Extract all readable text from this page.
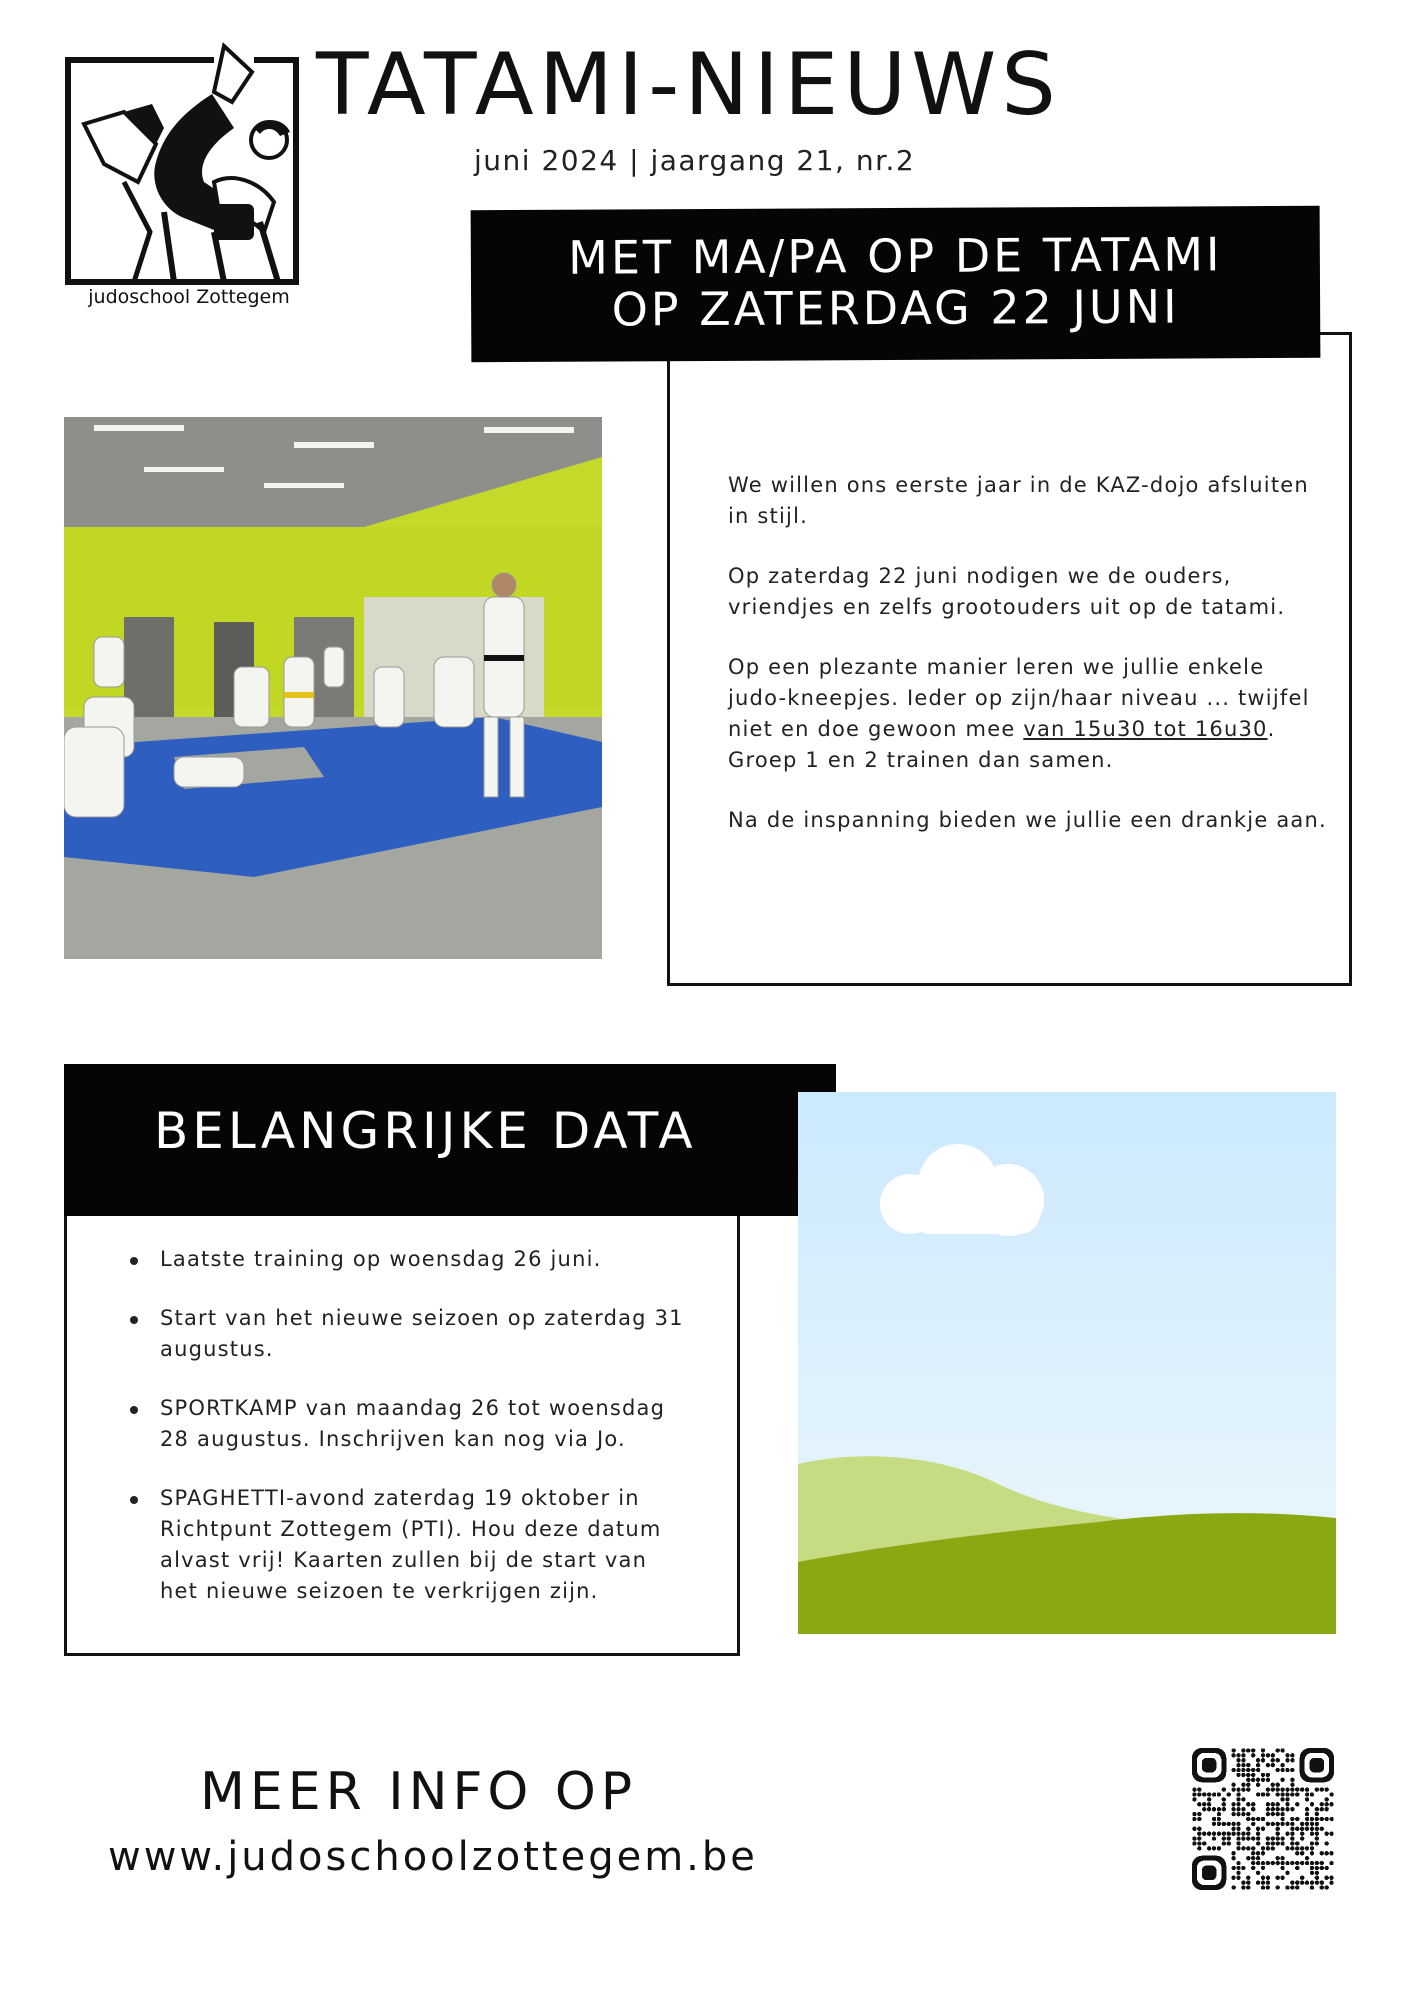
judoschool Zottegem
TATAMI-NIEUWS
juni 2024 | jaargang 21, nr.2
MET MA/PA OP DE TATAMI
OP ZATERDAG 22 JUNI

We willen ons eerste jaar in de KAZ-dojo afsluiten in stijl.

Op zaterdag 22 juni nodigen we de ouders, vriendjes en zelfs grootouders uit op de tatami.

Op een plezante manier leren we jullie enkele judo-kneepjes. Ieder op zijn/haar niveau ... twijfel niet en doe gewoon mee van 15u30 tot 16u30. Groep 1 en 2 trainen dan samen.

Na de inspanning bieden we jullie een drankje aan.

BELANGRIJKE DATA
Laatste training op woensdag 26 juni.
Start van het nieuwe seizoen op zaterdag 31 augustus.
SPORTKAMP van maandag 26 tot woensdag 28 augustus. Inschrijven kan nog via Jo.
SPAGHETTI-avond zaterdag 19 oktober in Richtpunt Zottegem (PTI). Hou deze datum alvast vrij! Kaarten zullen bij de start van het nieuwe seizoen te verkrijgen zijn.
MEER INFO OP
www.judoschoolzottegem.be
